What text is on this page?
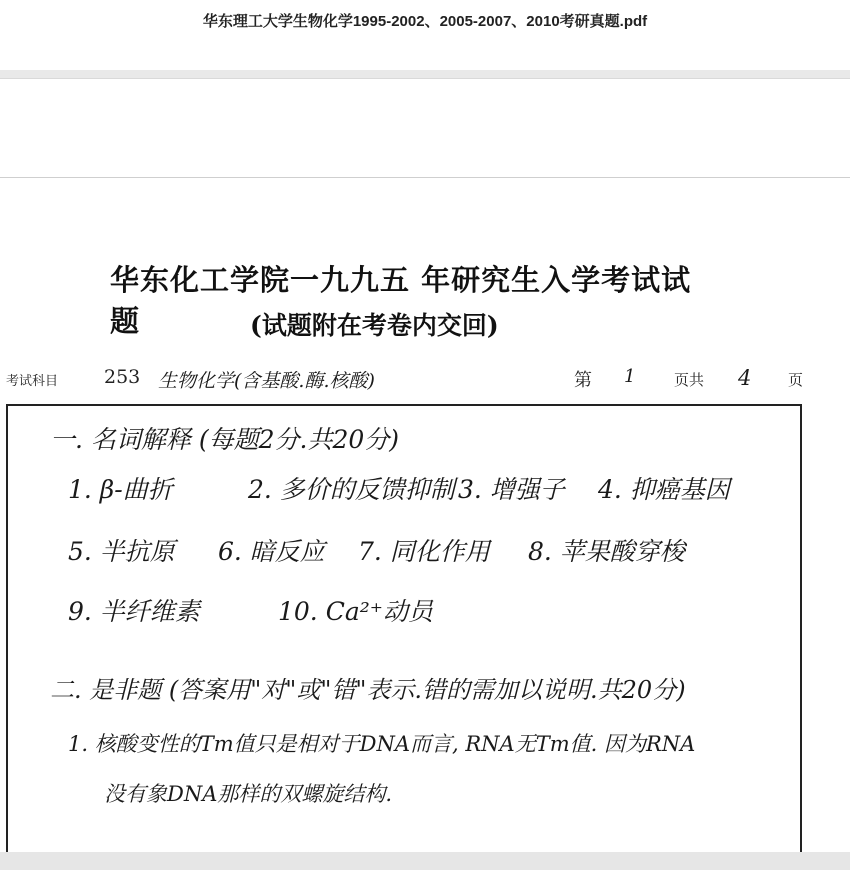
华东理工大学生物化学1995-2002、2005-2007、2010考研真题.pdf
华东化工学院一九九五 年研究生入学考试试题	(试题附在考卷内交回)
考试科目 253 生物化学(含基酸.酶.核酸)	第 1	页共 4 页
一. 名词解释 (每题2分.共20分)
1. β-曲折	2. 多价的反馈抑制 3. 增强子 4. 抑癌基因
5. 半抗原 6. 暗反应 7. 同化作用 8. 苹果酸穿梭
9. 半纤维素	10. Ca²⁺动员
二. 是非题 (答案用"对"或"错"表示.错的需加以说明.共20分)
1. 核酸变性的Tm值只是相对于DNA而言, RNA无Tm值. 因为RNA
没有象DNA那样的双螺旋结构.
